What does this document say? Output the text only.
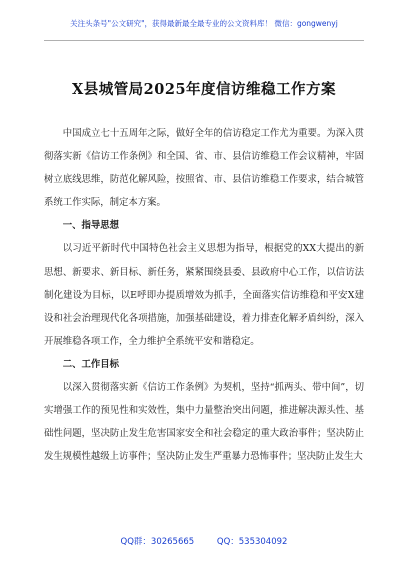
关注头条号"公文研究"，获得最新最全最专业的公文资料库！ 微信：gongwenyj
X县城管局2025年度信访维稳工作方案

中国成立七十五周年之际，做好全年的信访稳定工作尤为重要。为深入贯彻落实新《信访工作条例》和全国、省、市、县信访维稳工作会议精神，牢固树立底线思维，防范化解风险，按照省、市、县信访维稳工作要求，结合城管系统工作实际，制定本方案。

一、指导思想

以习近平新时代中国特色社会主义思想为指导，根据党的XX大提出的新思想、新要求、新目标、新任务，紧紧围绕县委、县政府中心工作，以信访法制化建设为目标，以E呼即办提质增效为抓手，全面落实信访维稳和平安X建设和社会治理现代化各项措施，加强基础建设，着力排查化解矛盾纠纷，深入开展维稳各项工作，全力维护全系统平安和谐稳定。

二、工作目标

以深入贯彻落实新《信访工作条例》为契机，坚持“抓两头、带中间”，切实增强工作的预见性和实效性，集中力量整治突出问题，推进解决源头性、基础性问题，坚决防止发生危害国家安全和社会稳定的重大政治事件；坚决防止发生规模性越级上访事件；坚决防止发生严重暴力恐怖事件；坚决防止发生大

QQ群：30265665	QQ：535304092
